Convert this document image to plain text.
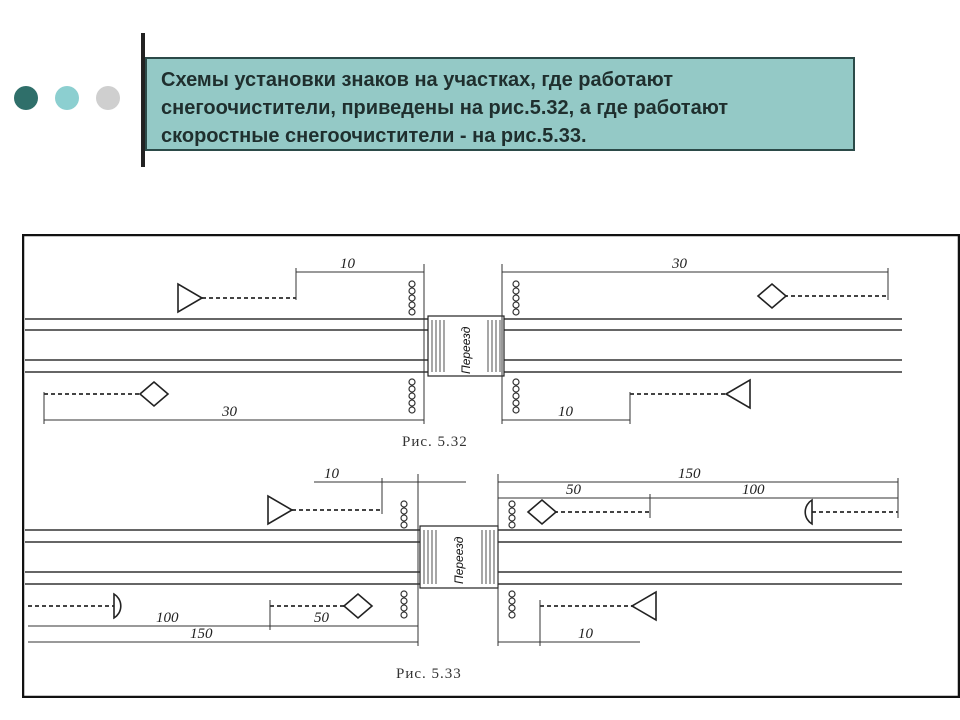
Схемы установки знаков на участках, где работают
снегоочистители, приведены на рис.5.32, а где работают
скоростные снегоочистители - на рис.5.33.
Переезд
10	30
30	10
Рис. 5.32
Переезд
10	150
50	100
100	50
150	10
Рис. 5.33
